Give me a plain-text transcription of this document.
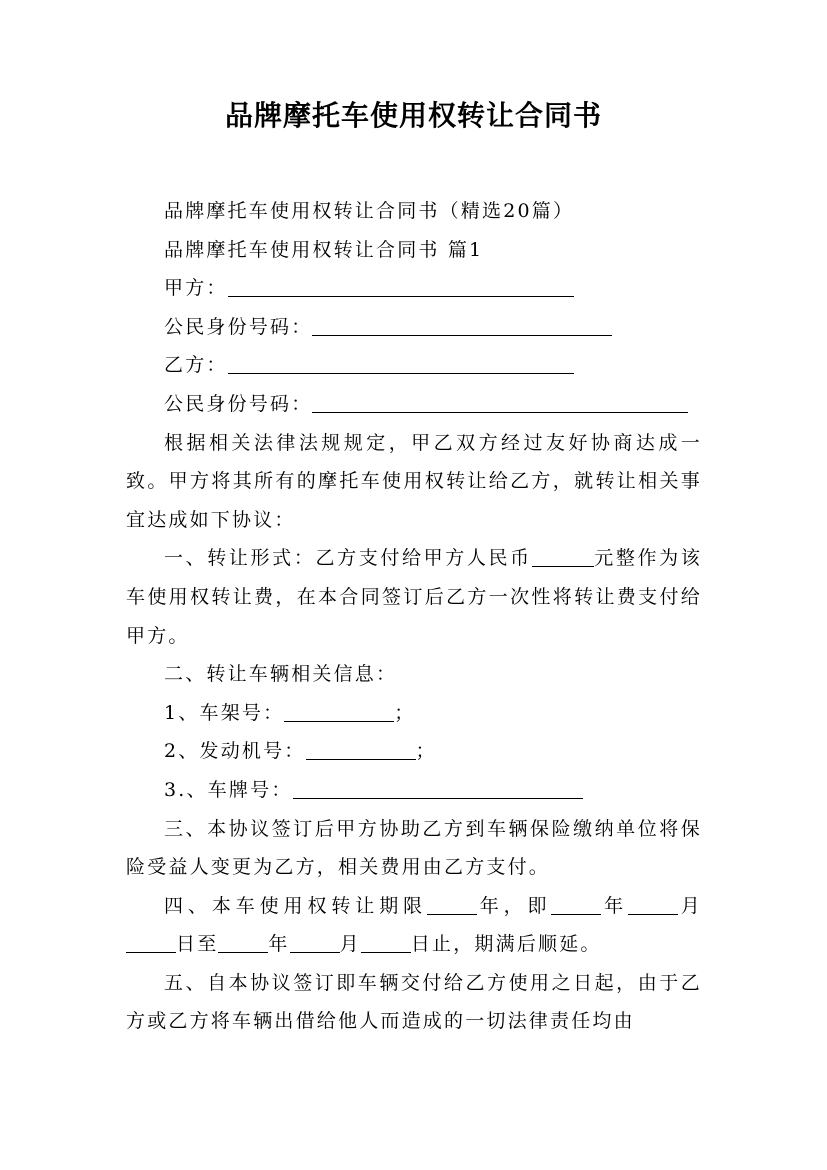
品牌摩托车使用权转让合同书

品牌摩托车使用权转让合同书（精选20篇）

品牌摩托车使用权转让合同书 篇1

甲方：

公民身份号码：

乙方：

公民身份号码：

根据相关法律法规规定，甲乙双方经过友好协商达成一致。甲方将其所有的摩托车使用权转让给乙方，就转让相关事宜达成如下协议：

一、转让形式：乙方支付给甲方人民币	元整作为该车使用权转让费，在本合同签订后乙方一次性将转让费支付给甲方。

二、转让车辆相关信息：

1、车架号：	；

2、发动机号：	；

3.、车牌号：

三、本协议签订后甲方协助乙方到车辆保险缴纳单位将保险受益人变更为乙方，相关费用由乙方支付。

四、本车使用权转让期限	年，即	年	月日至	年	月	日止，期满后顺延。

五、自本协议签订即车辆交付给乙方使用之日起，由于乙方或乙方将车辆出借给他人而造成的一切法律责任均由
